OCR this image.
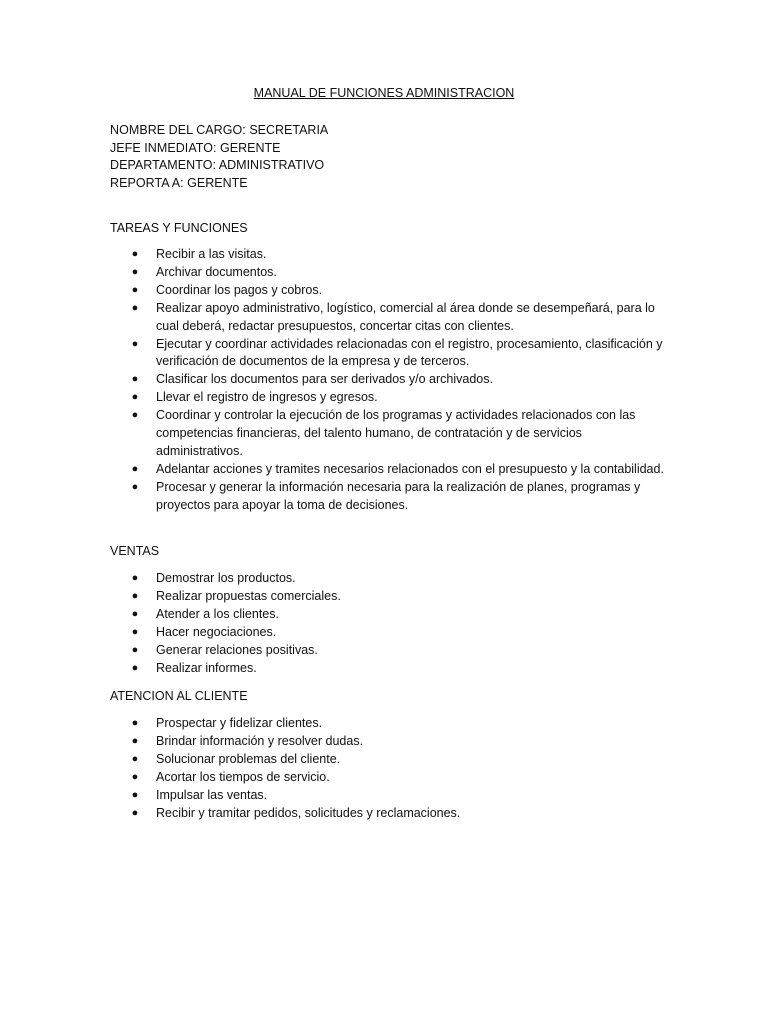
MANUAL DE FUNCIONES ADMINISTRACION
NOMBRE DEL CARGO: SECRETARIA
JEFE INMEDIATO: GERENTE
DEPARTAMENTO: ADMINISTRATIVO
REPORTA A: GERENTE
TAREAS Y FUNCIONES
● Recibir a las visitas.
● Archivar documentos.
● Coordinar los pagos y cobros.
● Realizar apoyo administrativo, logístico, comercial al área donde se desempeñará, para lo cual deberá, redactar presupuestos, concertar citas con clientes.
● Ejecutar y coordinar actividades relacionadas con el registro, procesamiento, clasificación y verificación de documentos de la empresa y de terceros.
● Clasificar los documentos para ser derivados y/o archivados.
● Llevar el registro de ingresos y egresos.
● Coordinar y controlar la ejecución de los programas y actividades relacionados con las competencias financieras, del talento humano, de contratación y de servicios administrativos.
● Adelantar acciones y tramites necesarios relacionados con el presupuesto y la contabilidad.
● Procesar y generar la información necesaria para la realización de planes, programas y proyectos para apoyar la toma de decisiones.
VENTAS
● Demostrar los productos.
● Realizar propuestas comerciales.
● Atender a los clientes.
● Hacer negociaciones.
● Generar relaciones positivas.
● Realizar informes.
ATENCION AL CLIENTE
● Prospectar y fidelizar clientes.
● Brindar información y resolver dudas.
● Solucionar problemas del cliente.
● Acortar los tiempos de servicio.
● Impulsar las ventas.
● Recibir y tramitar pedidos, solicitudes y reclamaciones.
